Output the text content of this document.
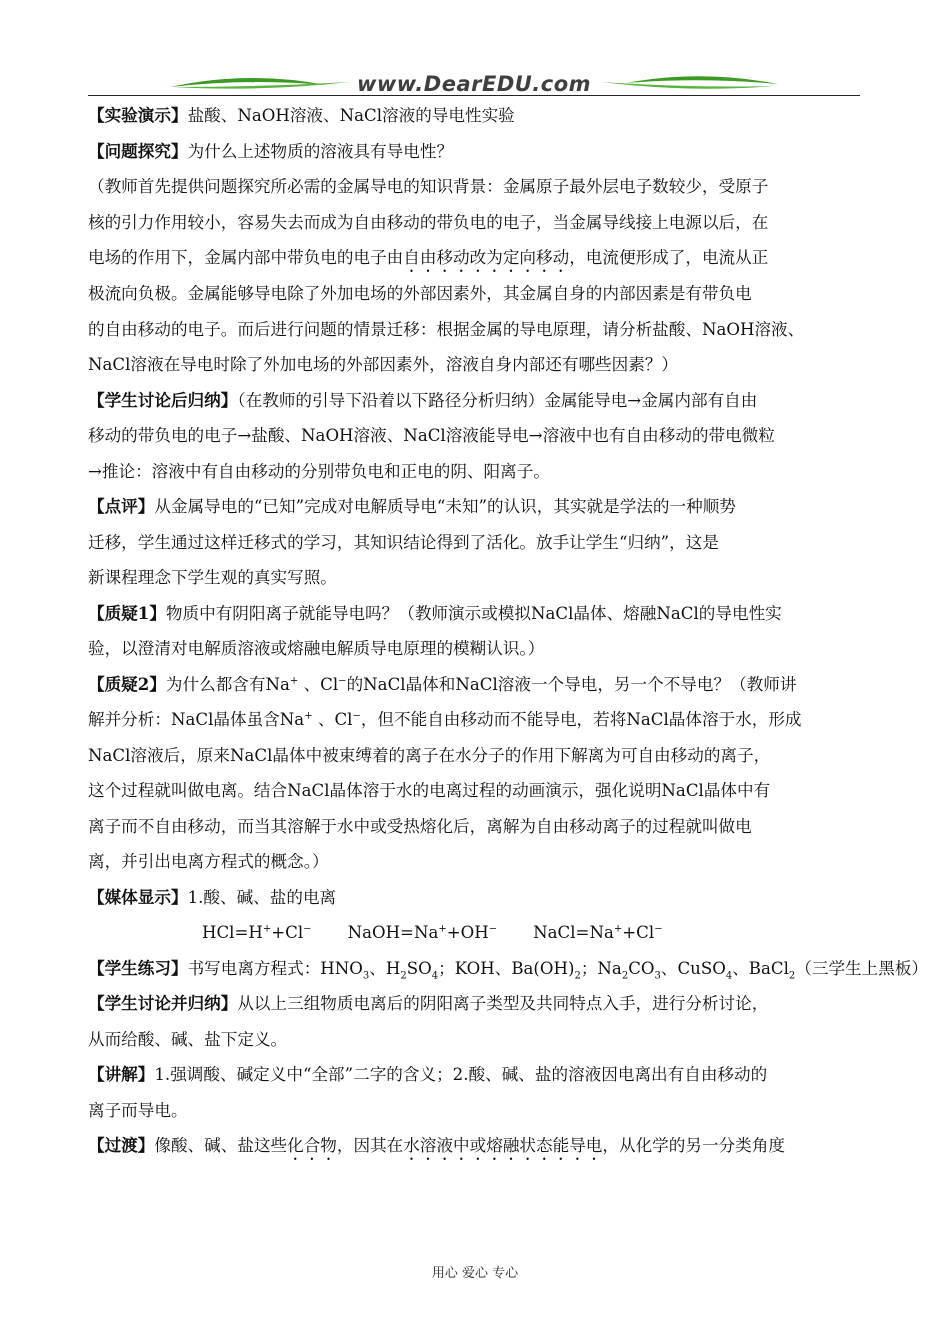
www.DearEDU.com

【实验演示】盐酸、NaOH溶液、NaCl溶液的导电性实验

【问题探究】为什么上述物质的溶液具有导电性？

（教师首先提供问题探究所必需的金属导电的知识背景：金属原子最外层电子数较少，受原子

核的引力作用较小，容易失去而成为自由移动的带负电的电子，当金属导线接上电源以后，在

电场的作用下，金属内部中带负电的电子由自由移动改为定向移动，电流便形成了，电流从正

极流向负极。金属能够导电除了外加电场的外部因素外，其金属自身的内部因素是有带负电

的自由移动的电子。而后进行问题的情景迁移：根据金属的导电原理，请分析盐酸、NaOH溶液、

NaCl溶液在导电时除了外加电场的外部因素外，溶液自身内部还有哪些因素？）

【学生讨论后归纳】（在教师的引导下沿着以下路径分析归纳）金属能导电→金属内部有自由

移动的带负电的电子→盐酸、NaOH溶液、NaCl溶液能导电→溶液中也有自由移动的带电微粒

→推论：溶液中有自由移动的分别带负电和正电的阴、阳离子。

【点评】从金属导电的“已知”完成对电解质导电“未知”的认识，其实就是学法的一种顺势

迁移，学生通过这样迁移式的学习，其知识结论得到了活化。放手让学生“归纳”，这是

新课程理念下学生观的真实写照。

【质疑1】物质中有阴阳离子就能导电吗？（教师演示或模拟NaCl晶体、熔融NaCl的导电性实

验，以澄清对电解质溶液或熔融电解质导电原理的模糊认识。）

【质疑2】为什么都含有Na+ 、Cl−的NaCl晶体和NaCl溶液一个导电，另一个不导电？（教师讲

解并分析：NaCl晶体虽含Na+ 、Cl−，但不能自由移动而不能导电，若将NaCl晶体溶于水，形成

NaCl溶液后，原来NaCl晶体中被束缚着的离子在水分子的作用下解离为可自由移动的离子，

这个过程就叫做电离。结合NaCl晶体溶于水的电离过程的动画演示，强化说明NaCl晶体中有

离子而不自由移动，而当其溶解于水中或受热熔化后，离解为自由移动离子的过程就叫做电

离，并引出电离方程式的概念。）

【媒体显示】1.酸、碱、盐的电离

HCl=H++Cl− NaOH=Na++OH− NaCl=Na++Cl−

【学生练习】书写电离方程式：$HNO_3$、$H_2SO_4$；KOH、$Ba(OH)_2$；$Na_2CO_3$、CuSO$_4$、BaCl$_2$（三学生上黑板）

【学生讨论并归纳】从以上三组物质电离后的阴阳离子类型及共同特点入手，进行分析讨论，

从而给酸、碱、盐下定义。

【讲解】1.强调酸、碱定义中“全部”二字的含义；2.酸、碱、盐的溶液因电离出有自由移动的

离子而导电。

【过渡】像酸、碱、盐这些化合物，因其在水溶液中或熔融状态能导电，从化学的另一分类角度

用心 爱心 专心
